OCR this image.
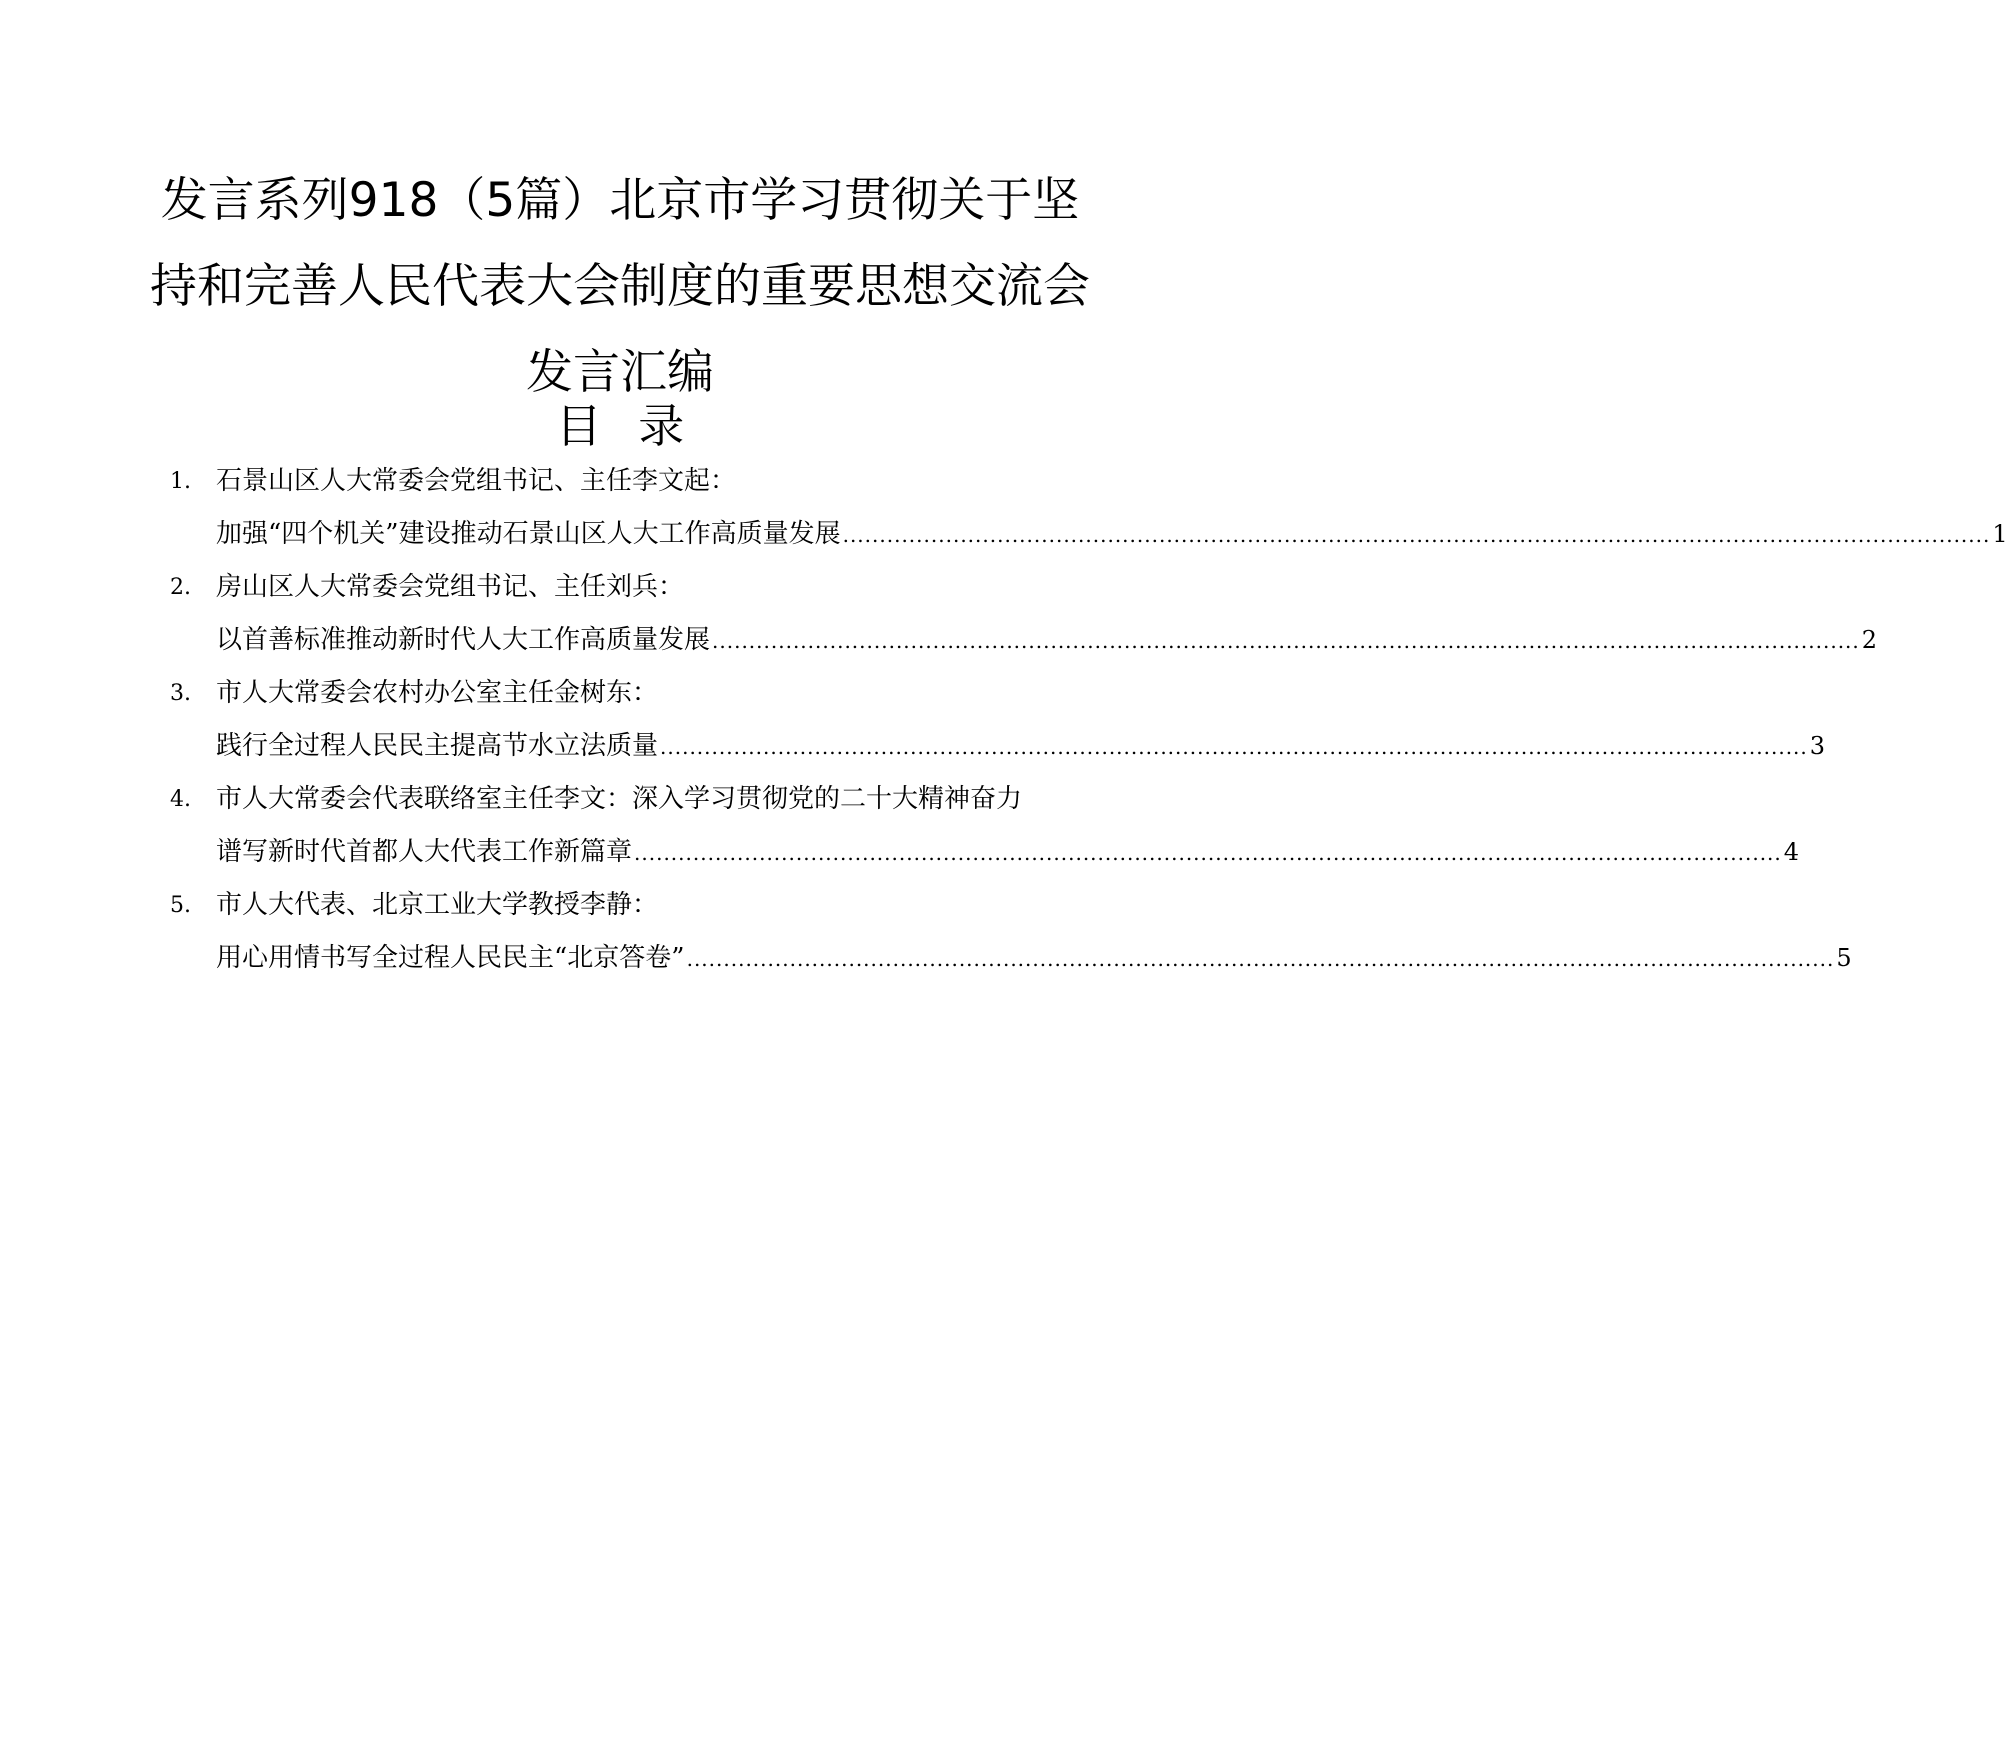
发言系列918（5篇）北京市学习贯彻关于坚
持和完善人民代表大会制度的重要思想交流会
发言汇编
目 录
1. 石景山区人大常委会党组书记、主任李文起：
加强“四个机关”建设推动石景山区人大工作高质量发展 ............................................................................................................................................................ 1
2. 房山区人大常委会党组书记、主任刘兵：
以首善标准推动新时代人大工作高质量发展 ............................................................................................................................................................ 2
3. 市人大常委会农村办公室主任金树东：
践行全过程人民民主提高节水立法质量 ............................................................................................................................................................ 3
4. 市人大常委会代表联络室主任李文：深入学习贯彻党的二十大精神奋力
谱写新时代首都人大代表工作新篇章 ............................................................................................................................................................ 4
5. 市人大代表、北京工业大学教授李静：
用心用情书写全过程人民民主“北京答卷” ............................................................................................................................................................ 5
